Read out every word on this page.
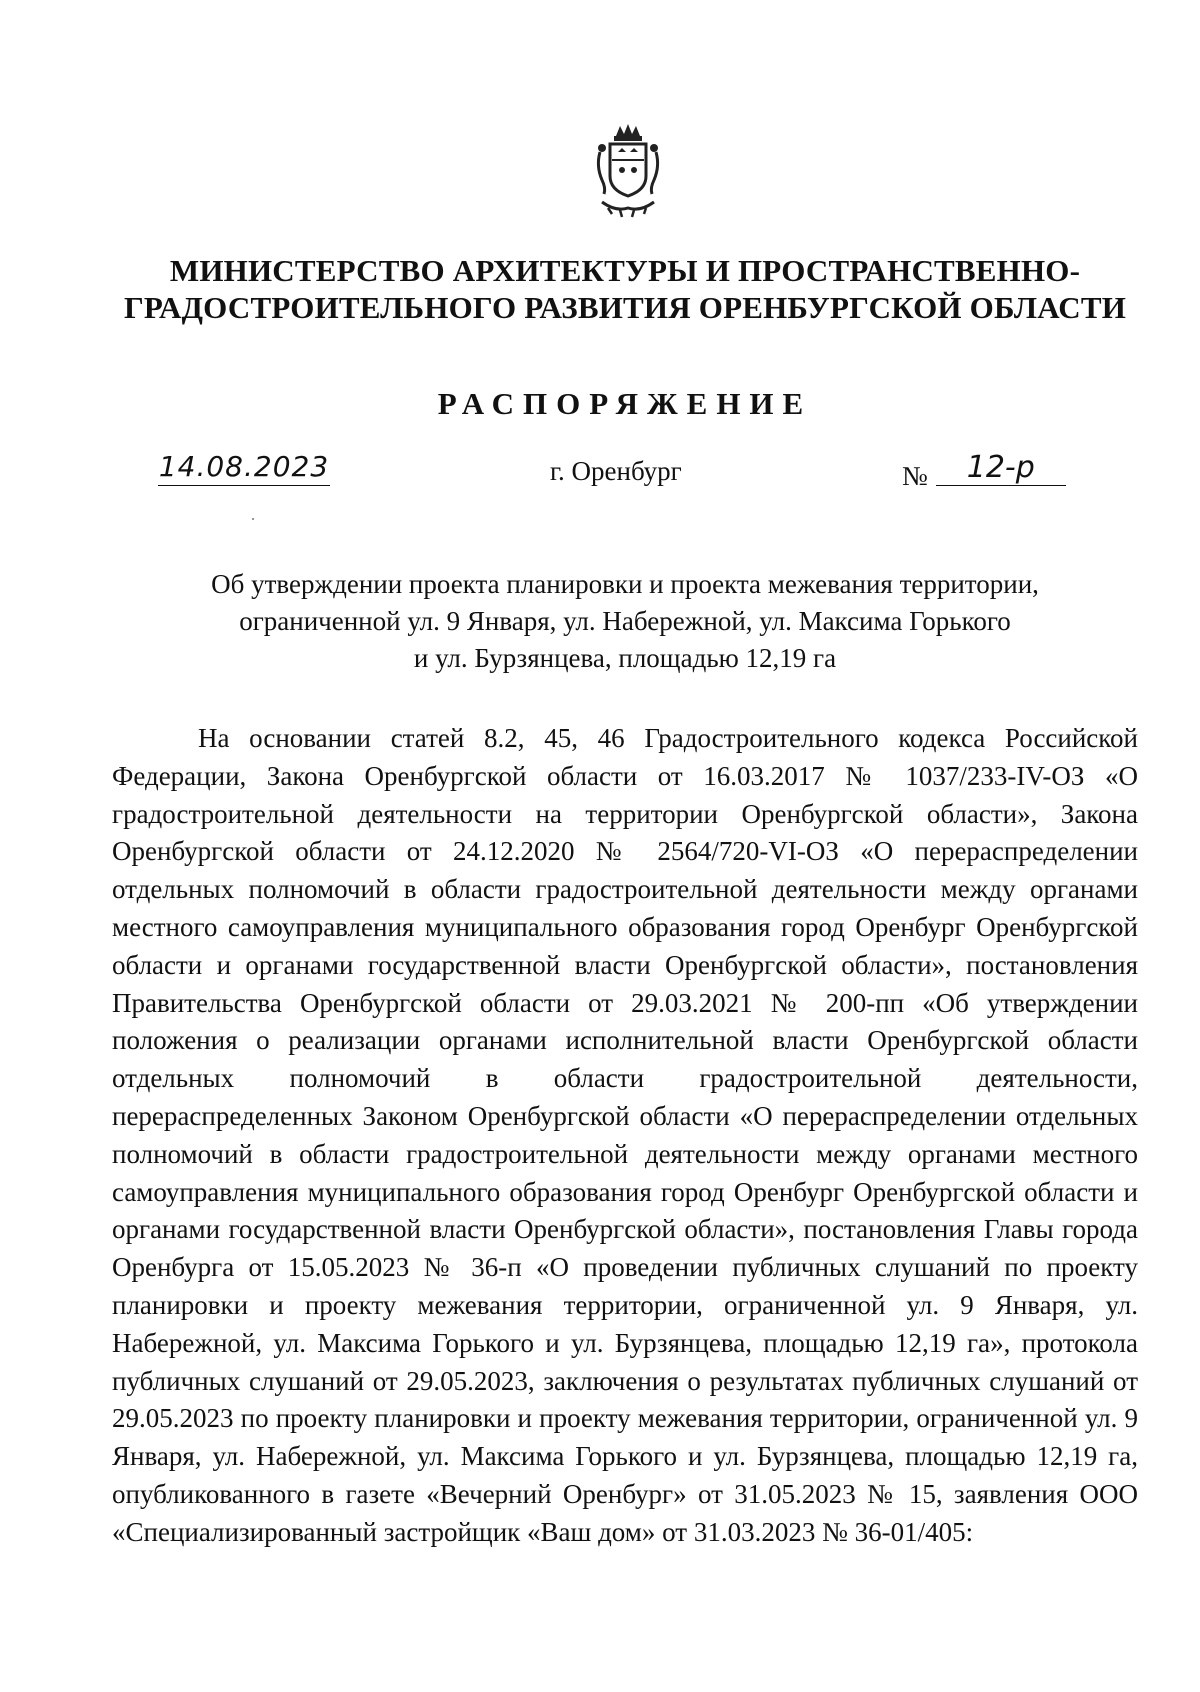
МИНИСТЕРСТВО АРХИТЕКТУРЫ И ПРОСТРАНСТВЕННО-
ГРАДОСТРОИТЕЛЬНОГО РАЗВИТИЯ ОРЕНБУРГСКОЙ ОБЛАСТИ
РАСПОРЯЖЕНИЕ
14.08.2023	г. Оренбург	№ 12-р
Об утверждении проекта планировки и проекта межевания территории,
ограниченной ул. 9 Января, ул. Набережной, ул. Максима Горького
и ул. Бурзянцева, площадью 12,19 га

На основании статей 8.2, 45, 46 Градостроительного кодекса Российской Федерации, Закона Оренбургской области от 16.03.2017 № 1037/233-IV-ОЗ «О градостроительной деятельности на территории Оренбургской области», Закона Оренбургской области от 24.12.2020 № 2564/720-VI-ОЗ «О перераспределении отдельных полномочий в области градостроительной деятельности между органами местного самоуправления муниципального образования город Оренбург Оренбургской области и органами государственной власти Оренбургской области», постановления Правительства Оренбургской области от 29.03.2021 № 200-пп «Об утверждении положения о реализации органами исполнительной власти Оренбургской области отдельных полномочий в области градостроительной деятельности, перераспределенных Законом Оренбургской области «О перераспределении отдельных полномочий в области градостроительной деятельности между органами местного самоуправления муниципального образования город Оренбург Оренбургской области и органами государственной власти Оренбургской области», постановления Главы города Оренбурга от 15.05.2023 № 36-п «О проведении публичных слушаний по проекту планировки и проекту межевания территории, ограниченной ул. 9 Января, ул. Набережной, ул. Максима Горького и ул. Бурзянцева, площадью 12,19 га», протокола публичных слушаний от 29.05.2023, заключения о результатах публичных слушаний от 29.05.2023 по проекту планировки и проекту межевания территории, ограниченной ул. 9 Января, ул. Набережной, ул. Максима Горького и ул. Бурзянцева, площадью 12,19 га, опубликованного в газете «Вечерний Оренбург» от 31.05.2023 № 15, заявления ООО «Специализированный застройщик «Ваш дом» от 31.03.2023 № 36-01/405:
